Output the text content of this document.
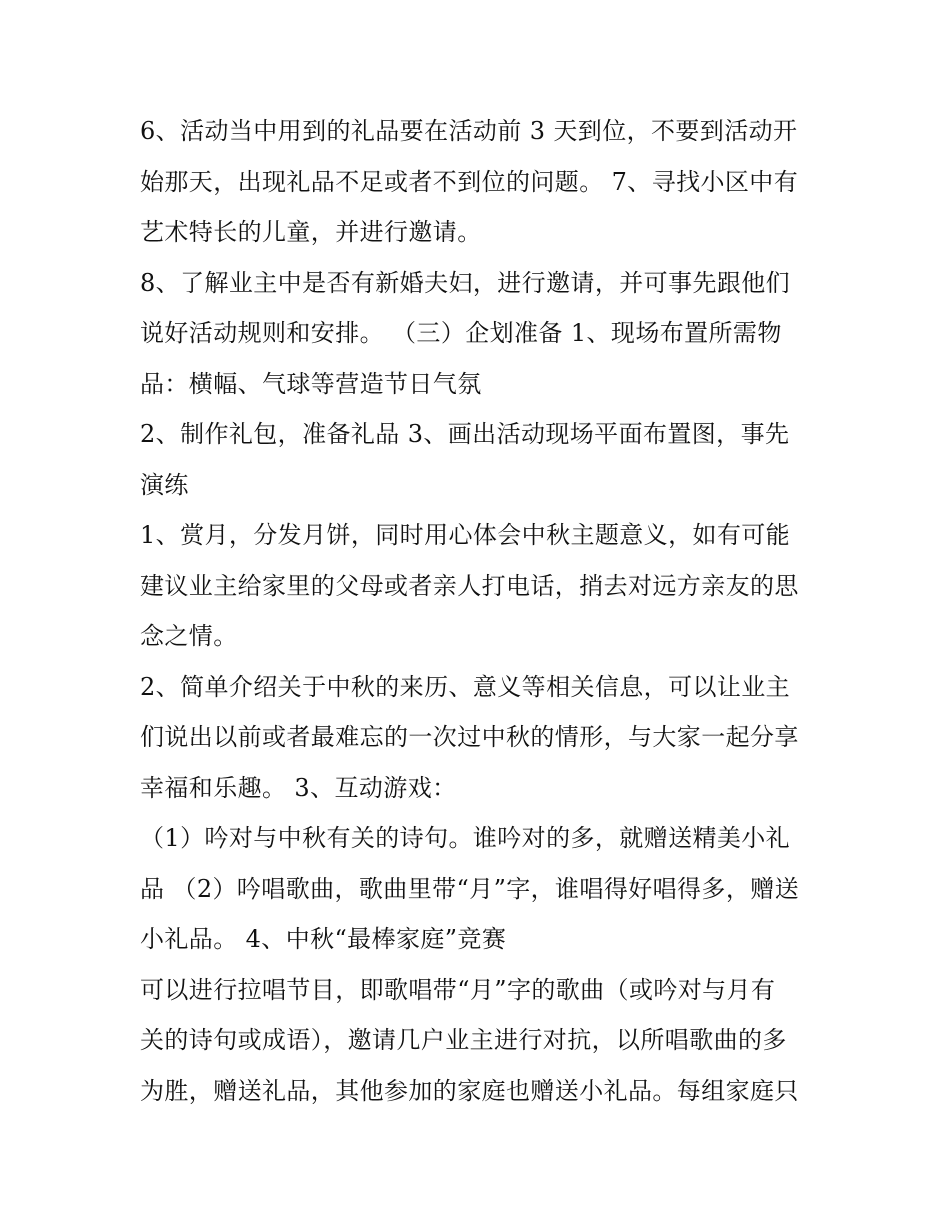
6、活动当中用到的礼品要在活动前 3 天到位，不要到活动开
始那天，出现礼品不足或者不到位的问题。 7、寻找小区中有
艺术特长的儿童，并进行邀请。
8、了解业主中是否有新婚夫妇，进行邀请，并可事先跟他们
说好活动规则和安排。 （三）企划准备 1、现场布置所需物
品：横幅、气球等营造节日气氛
2、制作礼包，准备礼品 3、画出活动现场平面布置图，事先
演练
1、赏月，分发月饼，同时用心体会中秋主题意义，如有可能
建议业主给家里的父母或者亲人打电话，捎去对远方亲友的思
念之情。
2、简单介绍关于中秋的来历、意义等相关信息，可以让业主
们说出以前或者最难忘的一次过中秋的情形，与大家一起分享
幸福和乐趣。 3、互动游戏：
（1）吟对与中秋有关的诗句。谁吟对的多，就赠送精美小礼
品 （2）吟唱歌曲，歌曲里带“月”字，谁唱得好唱得多，赠送
小礼品。 4、中秋“最棒家庭”竞赛
可以进行拉唱节目，即歌唱带“月”字的歌曲（或吟对与月有
关的诗句或成语），邀请几户业主进行对抗，以所唱歌曲的多
为胜，赠送礼品，其他参加的家庭也赠送小礼品。每组家庭只
